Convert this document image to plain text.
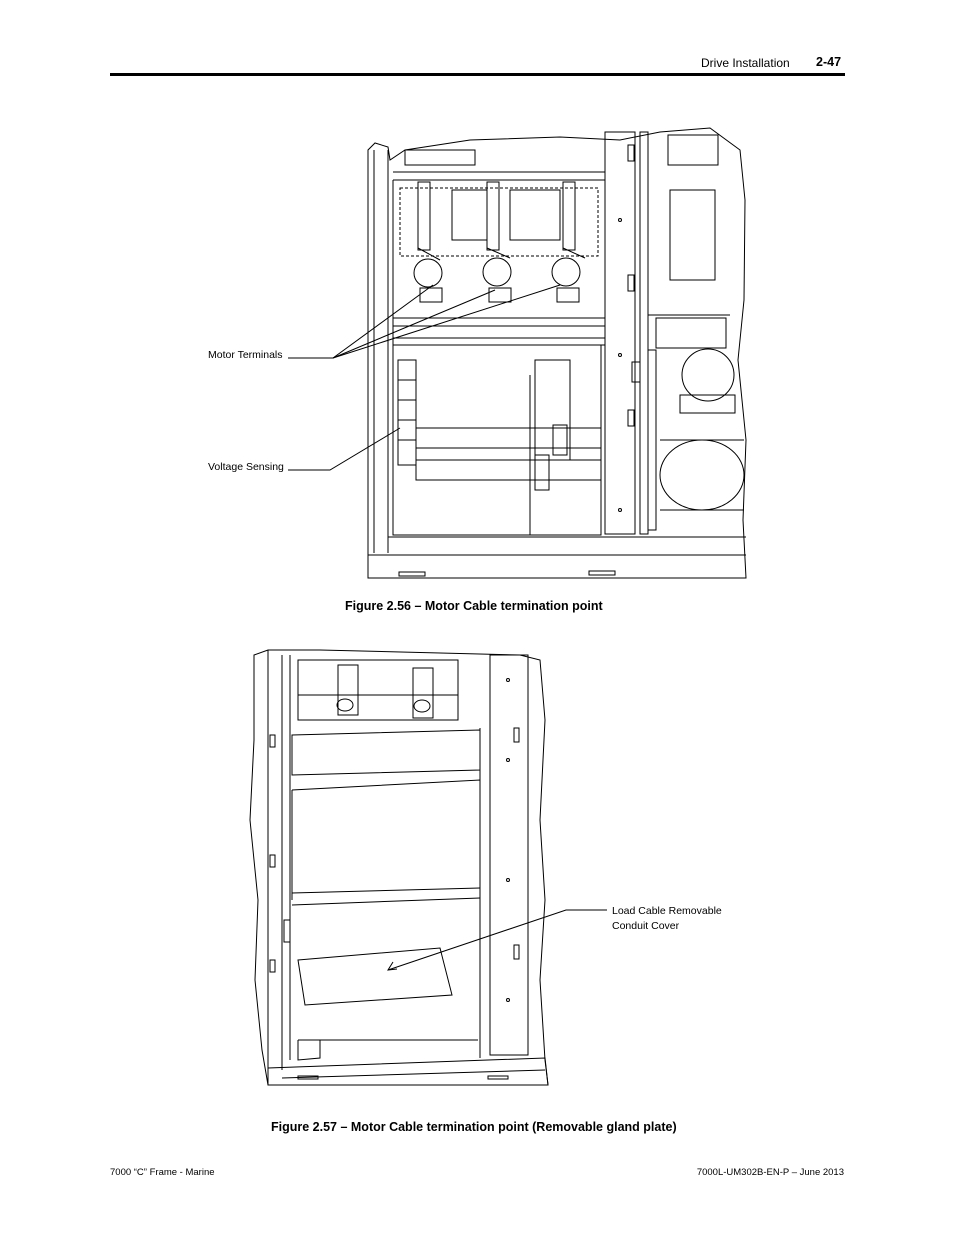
Drive Installation 2-47
Motor Terminals
Voltage Sensing
Figure 2.56 – Motor Cable termination point
Load Cable Removable
Conduit Cover
Figure 2.57 – Motor Cable termination point (Removable gland plate)
7000 “C” Frame - Marine	7000L-UM302B-EN-P – June 2013
